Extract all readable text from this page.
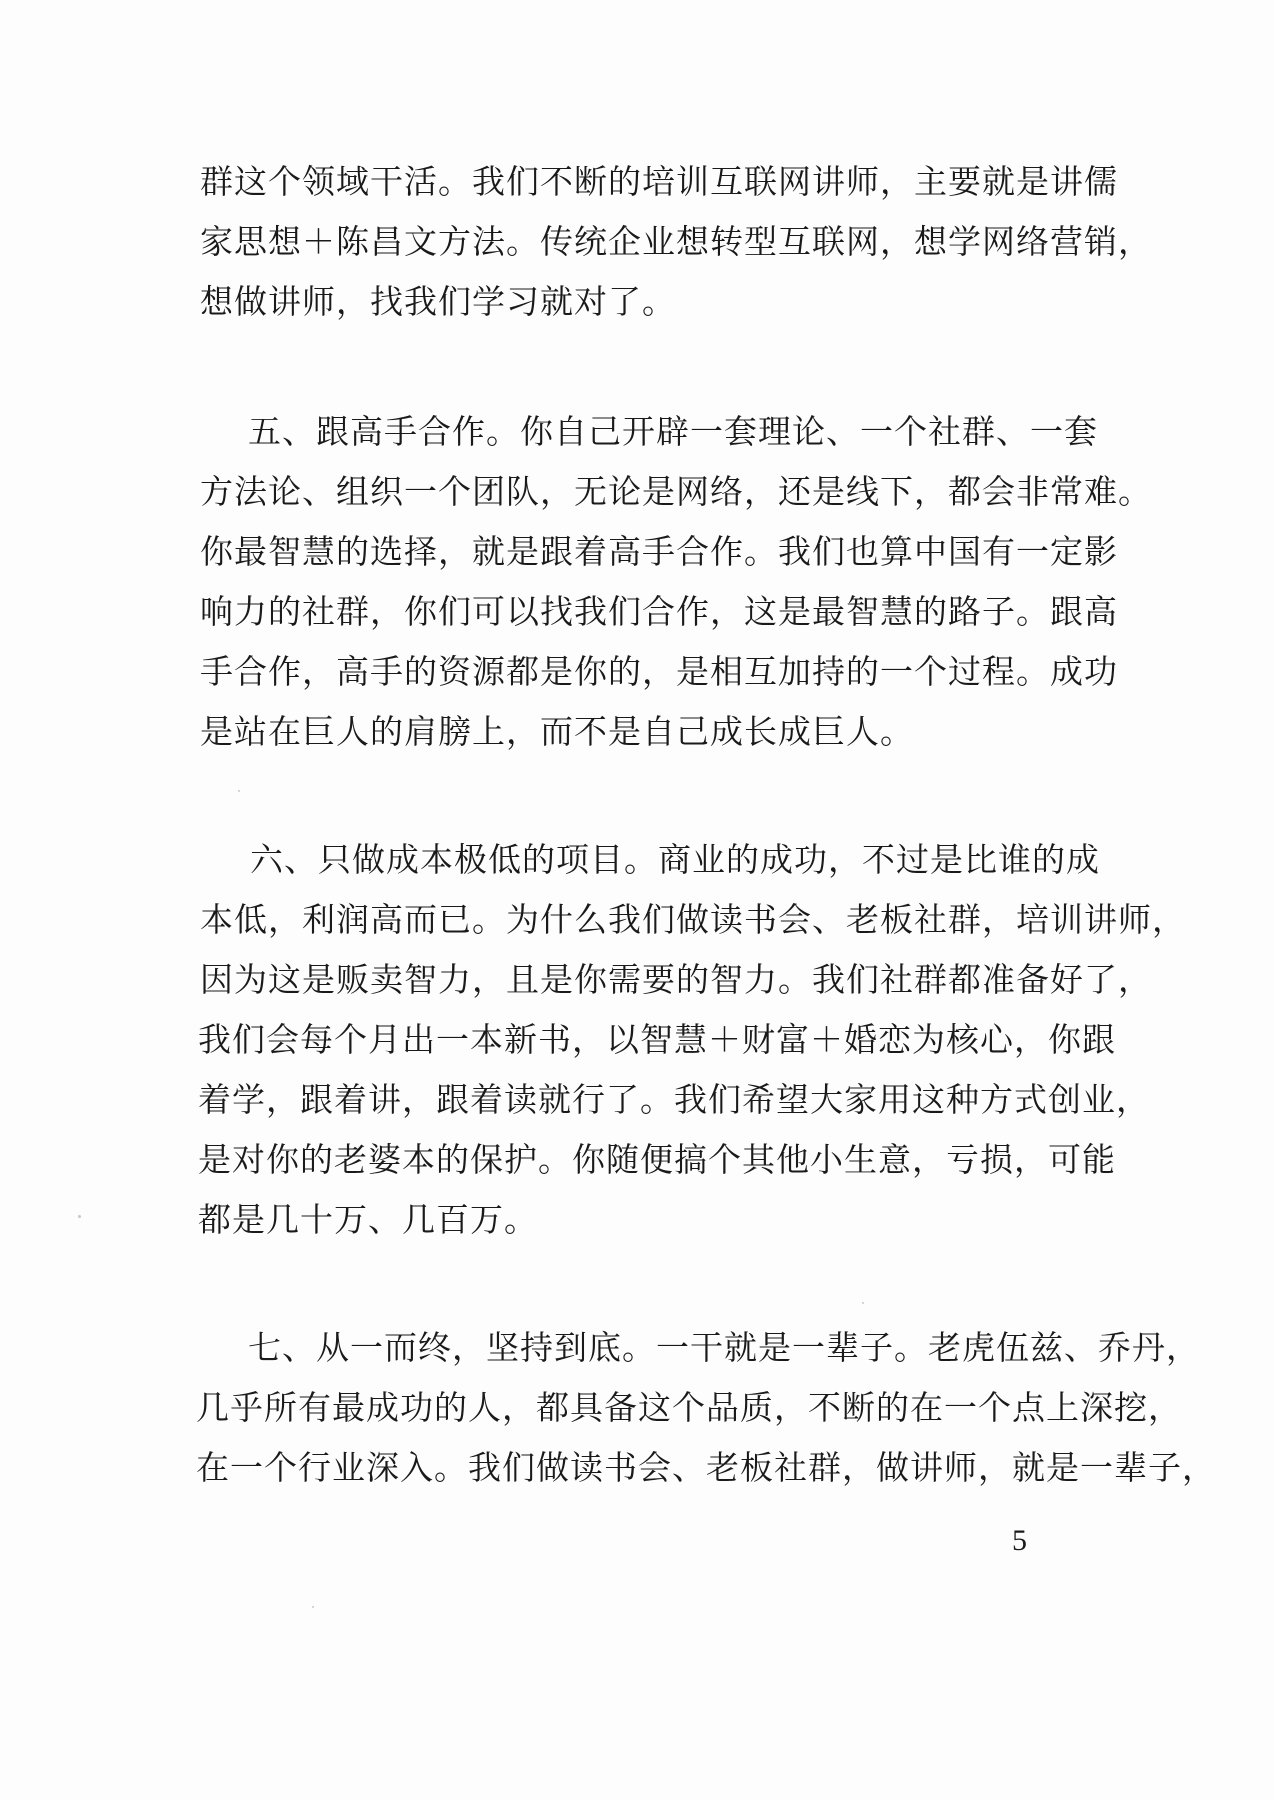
群这个领域干活。我们不断的培训互联网讲师，主要就是讲儒
家思想＋陈昌文方法。传统企业想转型互联网，想学网络营销，
想做讲师，找我们学习就对了。
五、跟高手合作。你自己开辟一套理论、一个社群、一套
方法论、组织一个团队，无论是网络，还是线下，都会非常难。
你最智慧的选择，就是跟着高手合作。我们也算中国有一定影
响力的社群，你们可以找我们合作，这是最智慧的路子。跟高
手合作，高手的资源都是你的，是相互加持的一个过程。成功
是站在巨人的肩膀上，而不是自己成长成巨人。
六、只做成本极低的项目。商业的成功，不过是比谁的成
本低，利润高而已。为什么我们做读书会、老板社群，培训讲师，
因为这是贩卖智力，且是你需要的智力。我们社群都准备好了，
我们会每个月出一本新书，以智慧＋财富＋婚恋为核心，你跟
着学，跟着讲，跟着读就行了。我们希望大家用这种方式创业，
是对你的老婆本的保护。你随便搞个其他小生意，亏损，可能
都是几十万、几百万。
七、从一而终，坚持到底。一干就是一辈子。老虎伍兹、乔丹，
几乎所有最成功的人，都具备这个品质，不断的在一个点上深挖，
在一个行业深入。我们做读书会、老板社群，做讲师，就是一辈子，
5
